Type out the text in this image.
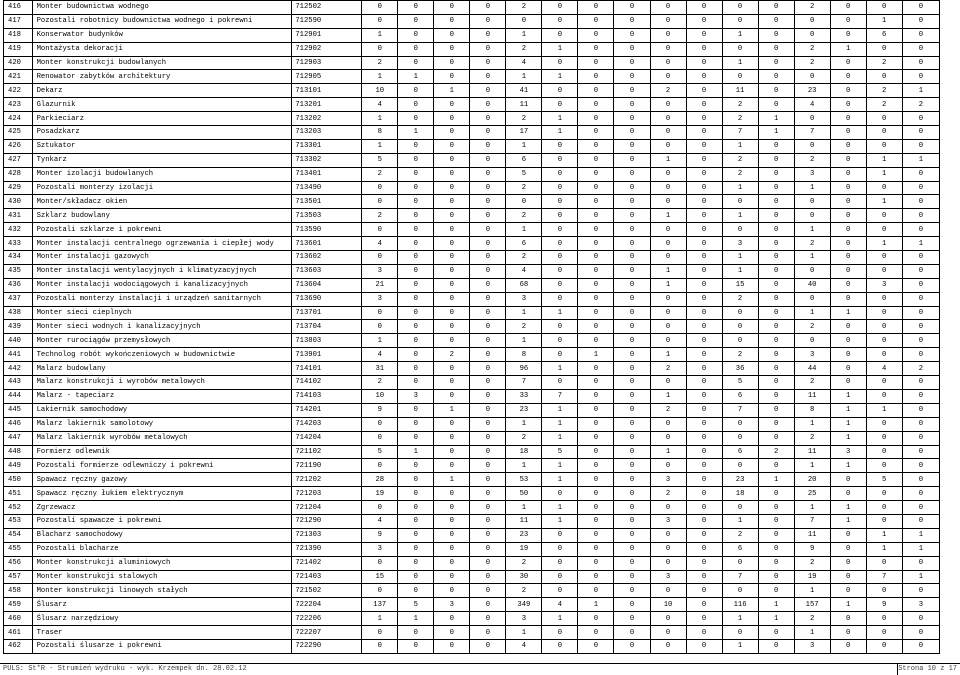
416	Monter budownictwa wodnego	712502	0	0	0	0	2	0	0	0	0	0	0	0	2	0	0	0
417	Pozostali robotnicy budownictwa wodnego i pokrewni	712590	0	0	0	0	0	0	0	0	0	0	0	0	0	0	1	0
418	Konserwator budynków	712901	1	0	0	0	1	0	0	0	0	0	1	0	0	0	6	0
419	Montażysta dekoracji	712902	0	0	0	0	2	1	0	0	0	0	0	0	2	1	0	0
420	Monter konstrukcji budowlanych	712903	2	0	0	0	4	0	0	0	0	0	1	0	2	0	2	0
421	Renowator zabytków architektury	712905	1	1	0	0	1	1	0	0	0	0	0	0	0	0	0	0
422	Dekarz	713101	10	0	1	0	41	0	0	0	2	0	11	0	23	0	2	1
423	Glazurnik	713201	4	0	0	0	11	0	0	0	0	0	2	0	4	0	2	2
424	Parkieciarz	713202	1	0	0	0	2	1	0	0	0	0	2	1	0	0	0	0
425	Posadzkarz	713203	8	1	0	0	17	1	0	0	0	0	7	1	7	0	0	0
426	Sztukator	713301	1	0	0	0	1	0	0	0	0	0	1	0	0	0	0	0
427	Tynkarz	713302	5	0	0	0	6	0	0	0	1	0	2	0	2	0	1	1
428	Monter izolacji budowlanych	713401	2	0	0	0	5	0	0	0	0	0	2	0	3	0	1	0
429	Pozostali monterzy izolacji	713490	0	0	0	0	2	0	0	0	0	0	1	0	1	0	0	0
430	Monter/składacz okien	713501	0	0	0	0	0	0	0	0	0	0	0	0	0	0	1	0
431	Szklarz budowlany	713503	2	0	0	0	2	0	0	0	1	0	1	0	0	0	0	0
432	Pozostali szklarze i pokrewni	713590	0	0	0	0	1	0	0	0	0	0	0	0	1	0	0	0
433	Monter instalacji centralnego ogrzewania i ciepłej wody	713601	4	0	0	0	6	0	0	0	0	0	3	0	2	0	1	1
434	Monter instalacji gazowych	713602	0	0	0	0	2	0	0	0	0	0	1	0	1	0	0	0
435	Monter instalacji wentylacyjnych i klimatyzacyjnych	713603	3	0	0	0	4	0	0	0	1	0	1	0	0	0	0	0
436	Monter instalacji wodociągowych i kanalizacyjnych	713604	21	0	0	0	68	0	0	0	1	0	15	0	40	0	3	0
437	Pozostali monterzy instalacji i urządzeń sanitarnych	713690	3	0	0	0	3	0	0	0	0	0	2	0	0	0	0	0
438	Monter sieci cieplnych	713701	0	0	0	0	1	1	0	0	0	0	0	0	1	1	0	0
439	Monter sieci wodnych i kanalizacyjnych	713704	0	0	0	0	2	0	0	0	0	0	0	0	2	0	0	0
440	Monter rurociągów przemysłowych	713803	1	0	0	0	1	0	0	0	0	0	0	0	0	0	0	0
441	Technolog robót wykończeniowych w budownictwie	713901	4	0	2	0	8	0	1	0	1	0	2	0	3	0	0	0
442	Malarz budowlany	714101	31	0	0	0	96	1	0	0	2	0	36	0	44	0	4	2
443	Malarz konstrukcji i wyrobów metalowych	714102	2	0	0	0	7	0	0	0	0	0	5	0	2	0	0	0
444	Malarz - tapeciarz	714103	10	3	0	0	33	7	0	0	1	0	6	0	11	1	0	0
445	Lakiernik samochodowy	714201	9	0	1	0	23	1	0	0	2	0	7	0	8	1	1	0
446	Malarz lakiernik samolotowy	714203	0	0	0	0	1	1	0	0	0	0	0	0	1	1	0	0
447	Malarz lakiernik wyrobów metalowych	714204	0	0	0	0	2	1	0	0	0	0	0	0	2	1	0	0
448	Formierz odlewnik	721102	5	1	0	0	18	5	0	0	1	0	6	2	11	3	0	0
449	Pozostali formierze odlewniczy i pokrewni	721190	0	0	0	0	1	1	0	0	0	0	0	0	1	1	0	0
450	Spawacz ręczny gazowy	721202	28	0	1	0	53	1	0	0	3	0	23	1	20	0	5	0
451	Spawacz ręczny łukiem elektrycznym	721203	19	0	0	0	50	0	0	0	2	0	18	0	25	0	0	0
452	Zgrzewacz	721204	0	0	0	0	1	1	0	0	0	0	0	0	1	1	0	0
453	Pozostali spawacze i pokrewni	721290	4	0	0	0	11	1	0	0	3	0	1	0	7	1	0	0
454	Blacharz samochodowy	721303	9	0	0	0	23	0	0	0	0	0	2	0	11	0	1	1
455	Pozostali blacharze	721390	3	0	0	0	19	0	0	0	0	0	6	0	9	0	1	1
456	Monter konstrukcji aluminiowych	721402	0	0	0	0	2	0	0	0	0	0	0	0	2	0	0	0
457	Monter konstrukcji stalowych	721403	15	0	0	0	30	0	0	0	3	0	7	0	19	0	7	1
458	Monter konstrukcji linowych stałych	721502	0	0	0	0	2	0	0	0	0	0	0	0	1	0	0	0
459	Ślusarz	722204	137	5	3	0	349	4	1	0	10	0	116	1	157	1	9	3
460	Ślusarz narzędziowy	722206	1	1	0	0	3	1	0	0	0	0	1	1	2	0	0	0
461	Traser	722207	0	0	0	0	1	0	0	0	0	0	0	0	1	0	0	0
462	Pozostali ślusarze i pokrewni	722290	0	0	0	0	4	0	0	0	0	0	1	0	3	0	0	0
PULS: St*R - Strumień wydruku - wyk. Krzempek dn. 28.02.12	Strona 10 z 17
